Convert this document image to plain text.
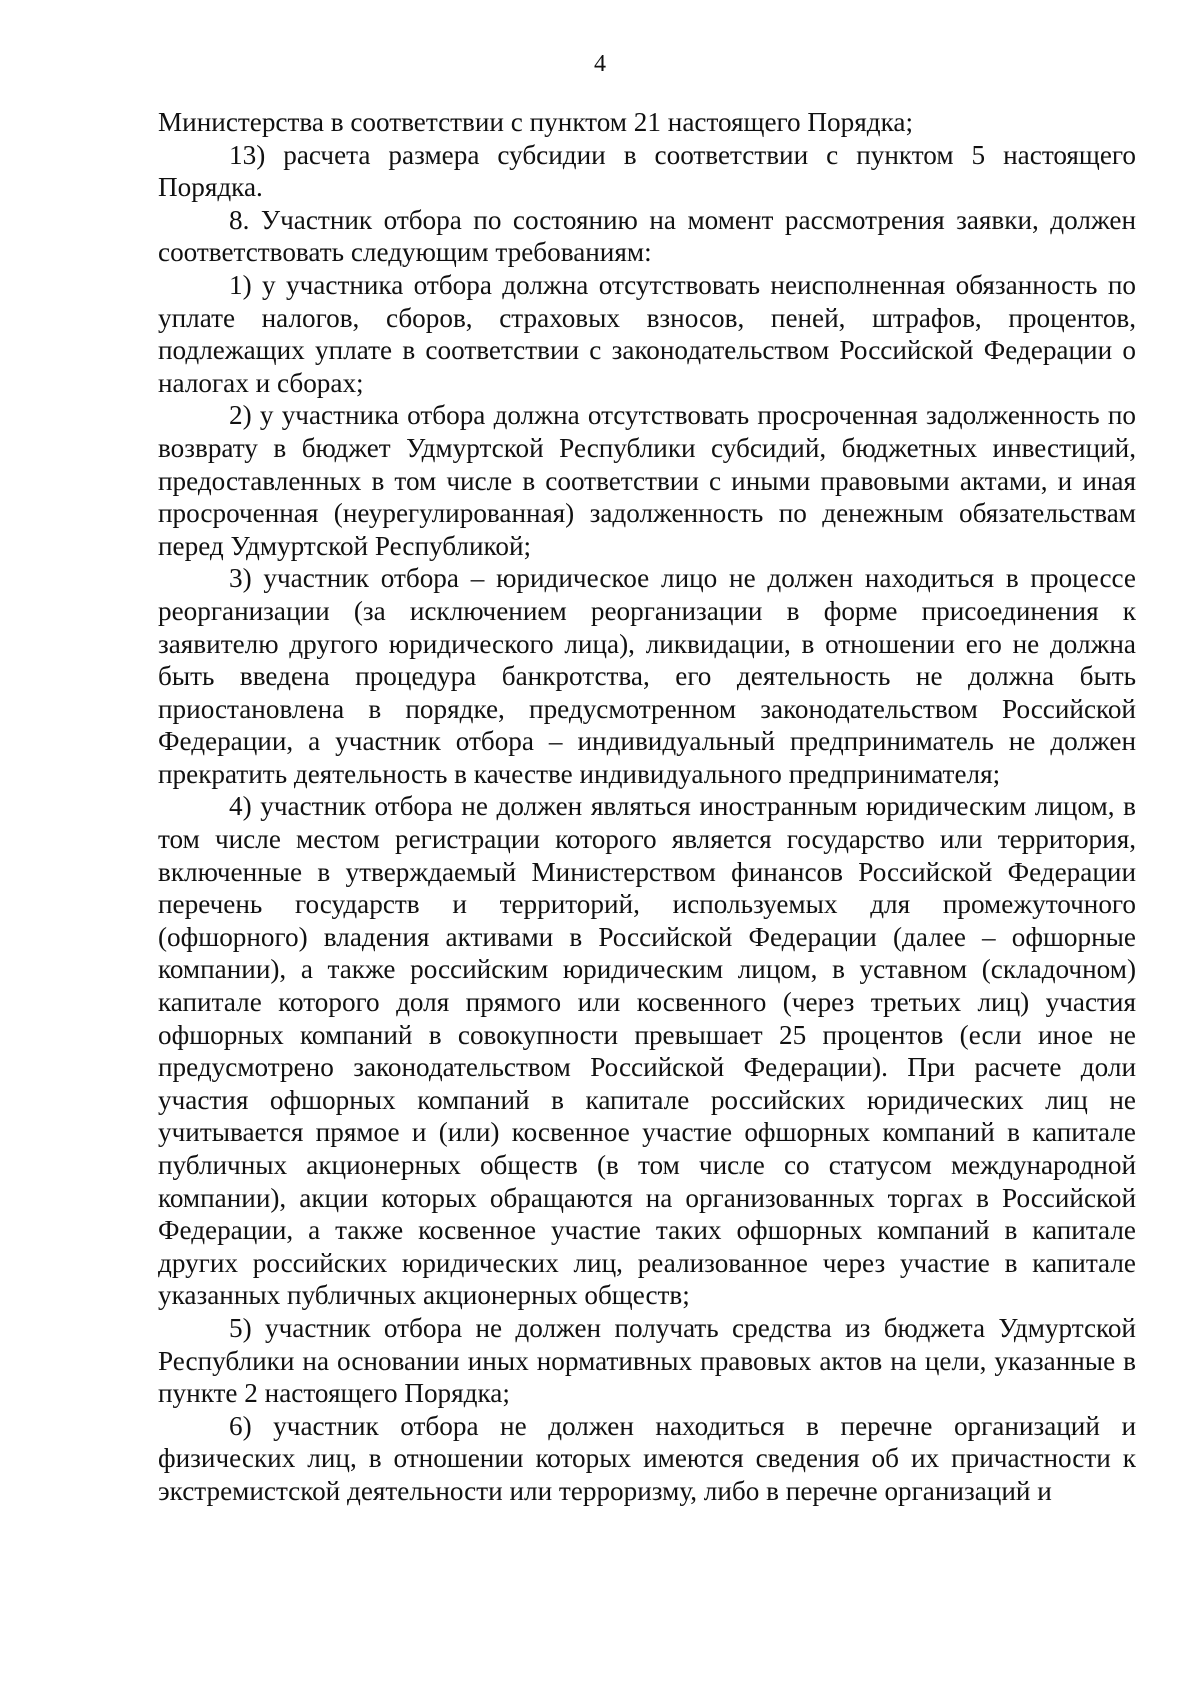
4

Министерства в соответствии с пунктом 21 настоящего Порядка;

13) расчета размера субсидии в соответствии с пунктом 5 настоящего Порядка.

8. Участник отбора по состоянию на момент рассмотрения заявки, должен соответствовать следующим требованиям:

1) у участника отбора должна отсутствовать неисполненная обязанность по уплате налогов, сборов, страховых взносов, пеней, штрафов, процентов, подлежащих уплате в соответствии с законодательством Российской Федерации о налогах и сборах;

2) у участника отбора должна отсутствовать просроченная задолженность по возврату в бюджет Удмуртской Республики субсидий, бюджетных инвестиций, предоставленных в том числе в соответствии с иными правовыми актами, и иная просроченная (неурегулированная) задолженность по денежным обязательствам перед Удмуртской Республикой;

3) участник отбора – юридическое лицо не должен находиться в процессе реорганизации (за исключением реорганизации в форме присоединения к заявителю другого юридического лица), ликвидации, в отношении его не должна быть введена процедура банкротства, его деятельность не должна быть приостановлена в порядке, предусмотренном законодательством Российской Федерации, а участник отбора – индивидуальный предприниматель не должен прекратить деятельность в качестве индивидуального предпринимателя;

4) участник отбора не должен являться иностранным юридическим лицом, в том числе местом регистрации которого является государство или территория, включенные в утверждаемый Министерством финансов Российской Федерации перечень государств и территорий, используемых для промежуточного (офшорного) владения активами в Российской Федерации (далее – офшорные компании), а также российским юридическим лицом, в уставном (складочном) капитале которого доля прямого или косвенного (через третьих лиц) участия офшорных компаний в совокупности превышает 25 процентов (если иное не предусмотрено законодательством Российской Федерации). При расчете доли участия офшорных компаний в капитале российских юридических лиц не учитывается прямое и (или) косвенное участие офшорных компаний в капитале публичных акционерных обществ (в том числе со статусом международной компании), акции которых обращаются на организованных торгах в Российской Федерации, а также косвенное участие таких офшорных компаний в капитале других российских юридических лиц, реализованное через участие в капитале указанных публичных акционерных обществ;

5) участник отбора не должен получать средства из бюджета Удмуртской Республики на основании иных нормативных правовых актов на цели, указанные в пункте 2 настоящего Порядка;

6) участник отбора не должен находиться в перечне организаций и физических лиц, в отношении которых имеются сведения об их причастности к экстремистской деятельности или терроризму, либо в перечне организаций и
